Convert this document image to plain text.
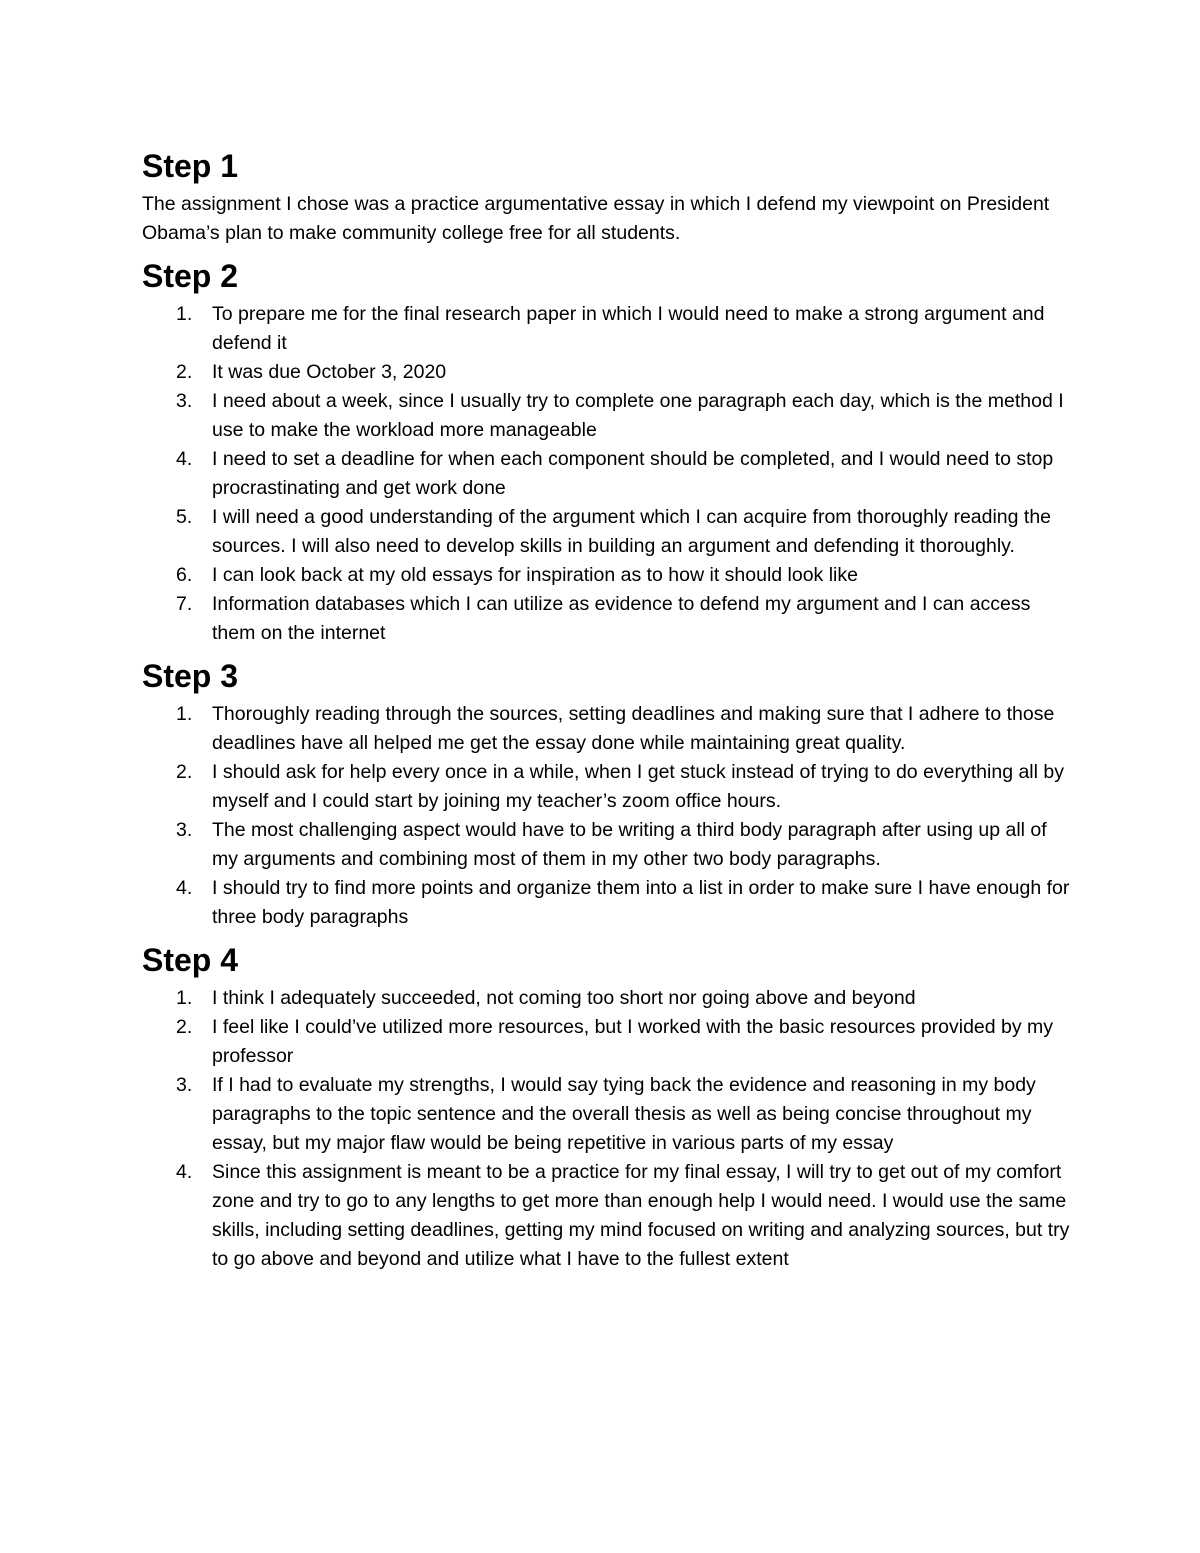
Step 1

The assignment I chose was a practice argumentative essay in which I defend my viewpoint on President Obama’s plan to make community college free for all students.

Step 2
1. To prepare me for the final research paper in which I would need to make a strong argument and defend it
2. It was due October 3, 2020
3. I need about a week, since I usually try to complete one paragraph each day, which is the method I use to make the workload more manageable
4. I need to set a deadline for when each component should be completed, and I would need to stop procrastinating and get work done
5. I will need a good understanding of the argument which I can acquire from thoroughly reading the sources. I will also need to develop skills in building an argument and defending it thoroughly.
6. I can look back at my old essays for inspiration as to how it should look like
7. Information databases which I can utilize as evidence to defend my argument and I can access them on the internet
Step 3
1. Thoroughly reading through the sources, setting deadlines and making sure that I adhere to those deadlines have all helped me get the essay done while maintaining great quality.
2. I should ask for help every once in a while, when I get stuck instead of trying to do everything all by myself and I could start by joining my teacher’s zoom office hours.
3. The most challenging aspect would have to be writing a third body paragraph after using up all of my arguments and combining most of them in my other two body paragraphs.
4. I should try to find more points and organize them into a list in order to make sure I have enough for three body paragraphs
Step 4
1. I think I adequately succeeded, not coming too short nor going above and beyond
2. I feel like I could’ve utilized more resources, but I worked with the basic resources provided by my professor
3. If I had to evaluate my strengths, I would say tying back the evidence and reasoning in my body paragraphs to the topic sentence and the overall thesis as well as being concise throughout my essay, but my major flaw would be being repetitive in various parts of my essay
4. Since this assignment is meant to be a practice for my final essay, I will try to get out of my comfort zone and try to go to any lengths to get more than enough help I would need. I would use the same skills, including setting deadlines, getting my mind focused on writing and analyzing sources, but try to go above and beyond and utilize what I have to the fullest extent
